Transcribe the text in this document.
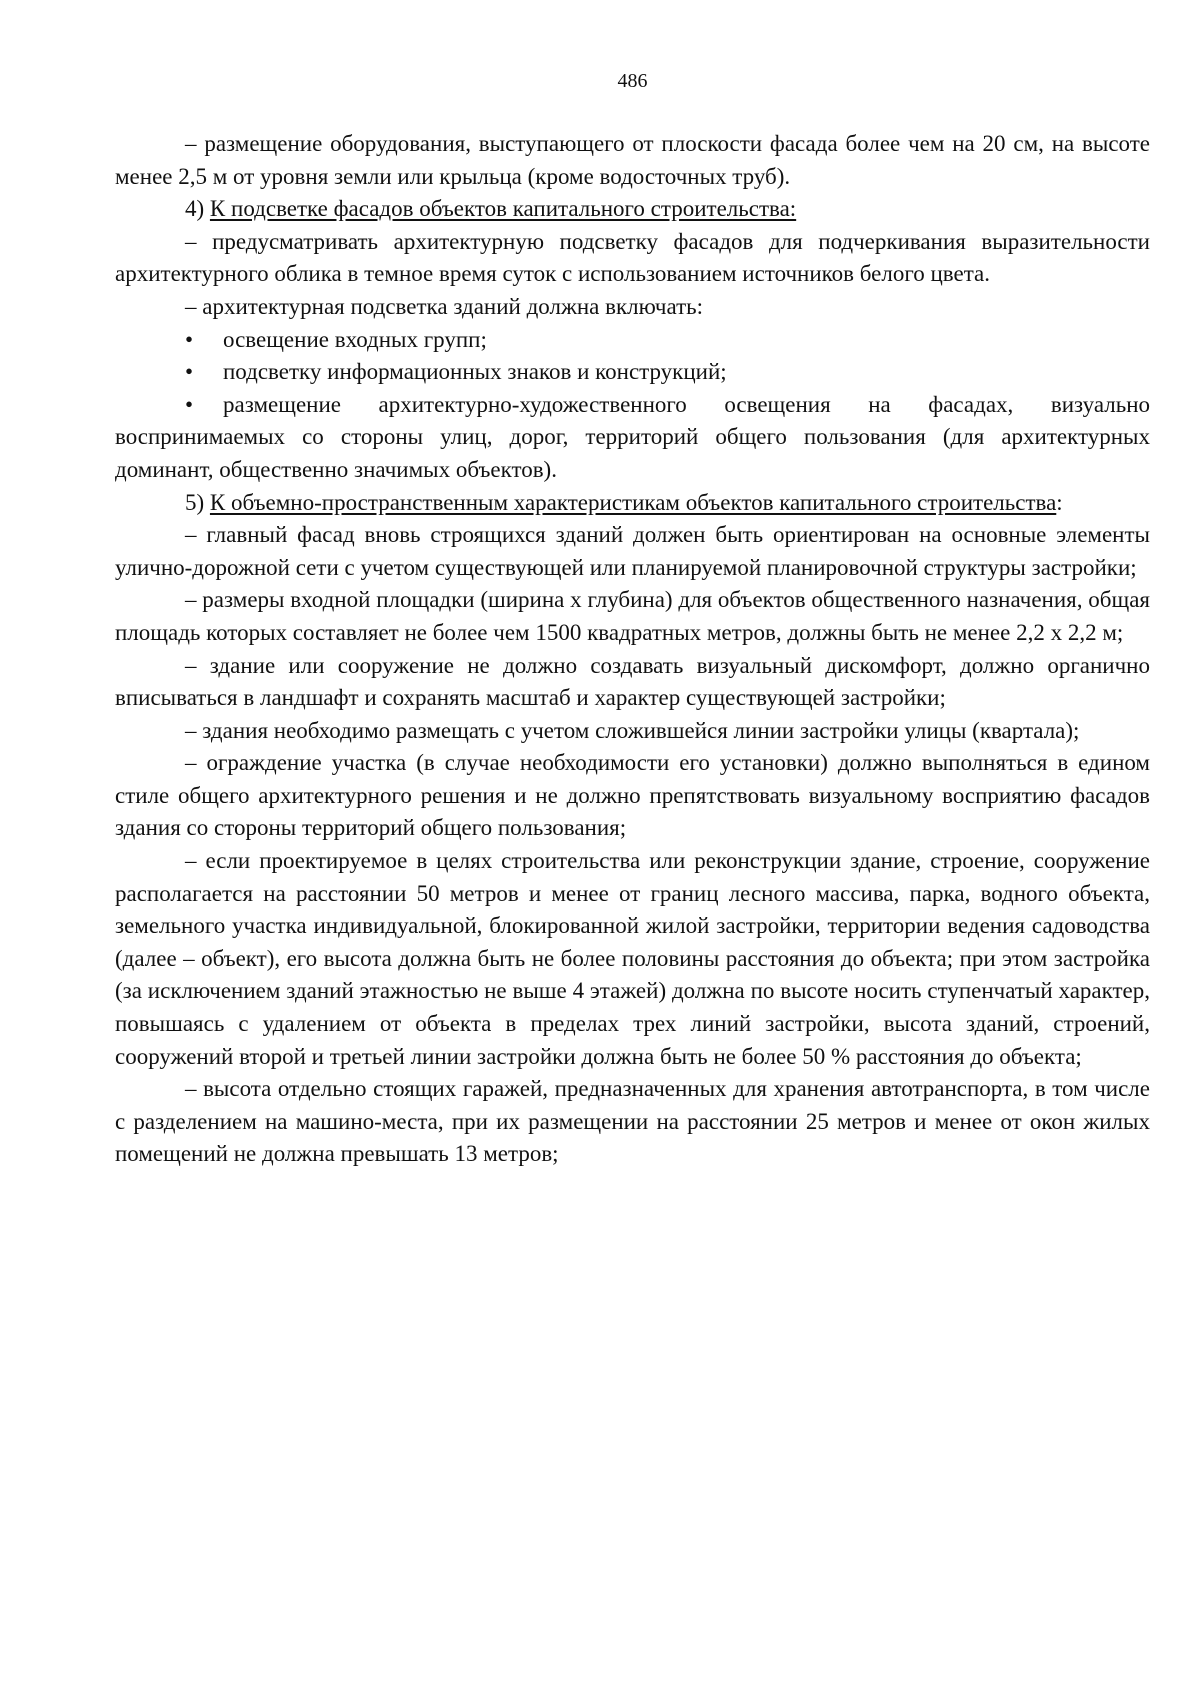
486

– размещение оборудования, выступающего от плоскости фасада более чем на 20 см, на высоте менее 2,5 м от уровня земли или крыльца (кроме водосточных труб).

4) К подсветке фасадов объектов капитального строительства:

– предусматривать архитектурную подсветку фасадов для подчеркивания выразительности архитектурного облика в темное время суток с использованием источников белого цвета.

– архитектурная подсветка зданий должна включать:

• освещение входных групп;

• подсветку информационных знаков и конструкций;

• размещение архитектурно-художественного освещения на фасадах, визуально воспринимаемых со стороны улиц, дорог, территорий общего пользования (для архитектурных доминант, общественно значимых объектов).

5) К объемно-пространственным характеристикам объектов капитального строительства:

– главный фасад вновь строящихся зданий должен быть ориентирован на основные элементы улично-дорожной сети с учетом существующей или планируемой планировочной структуры застройки;

– размеры входной площадки (ширина х глубина) для объектов общественного назначения, общая площадь которых составляет не более чем 1500 квадратных метров, должны быть не менее 2,2 х 2,2 м;

– здание или сооружение не должно создавать визуальный дискомфорт, должно органично вписываться в ландшафт и сохранять масштаб и характер существующей застройки;

– здания необходимо размещать с учетом сложившейся линии застройки улицы (квартала);

– ограждение участка (в случае необходимости его установки) должно выполняться в едином стиле общего архитектурного решения и не должно препятствовать визуальному восприятию фасадов здания со стороны территорий общего пользования;

– если проектируемое в целях строительства или реконструкции здание, строение, сооружение располагается на расстоянии 50 метров и менее от границ лесного массива, парка, водного объекта, земельного участка индивидуальной, блокированной жилой застройки, территории ведения садоводства (далее – объект), его высота должна быть не более половины расстояния до объекта; при этом застройка (за исключением зданий этажностью не выше 4 этажей) должна по высоте носить ступенчатый характер, повышаясь с удалением от объекта в пределах трех линий застройки, высота зданий, строений, сооружений второй и третьей линии застройки должна быть не более 50 % расстояния до объекта;

– высота отдельно стоящих гаражей, предназначенных для хранения автотранспорта, в том числе с разделением на машино-места, при их размещении на расстоянии 25 метров и менее от окон жилых помещений не должна превышать 13 метров;
